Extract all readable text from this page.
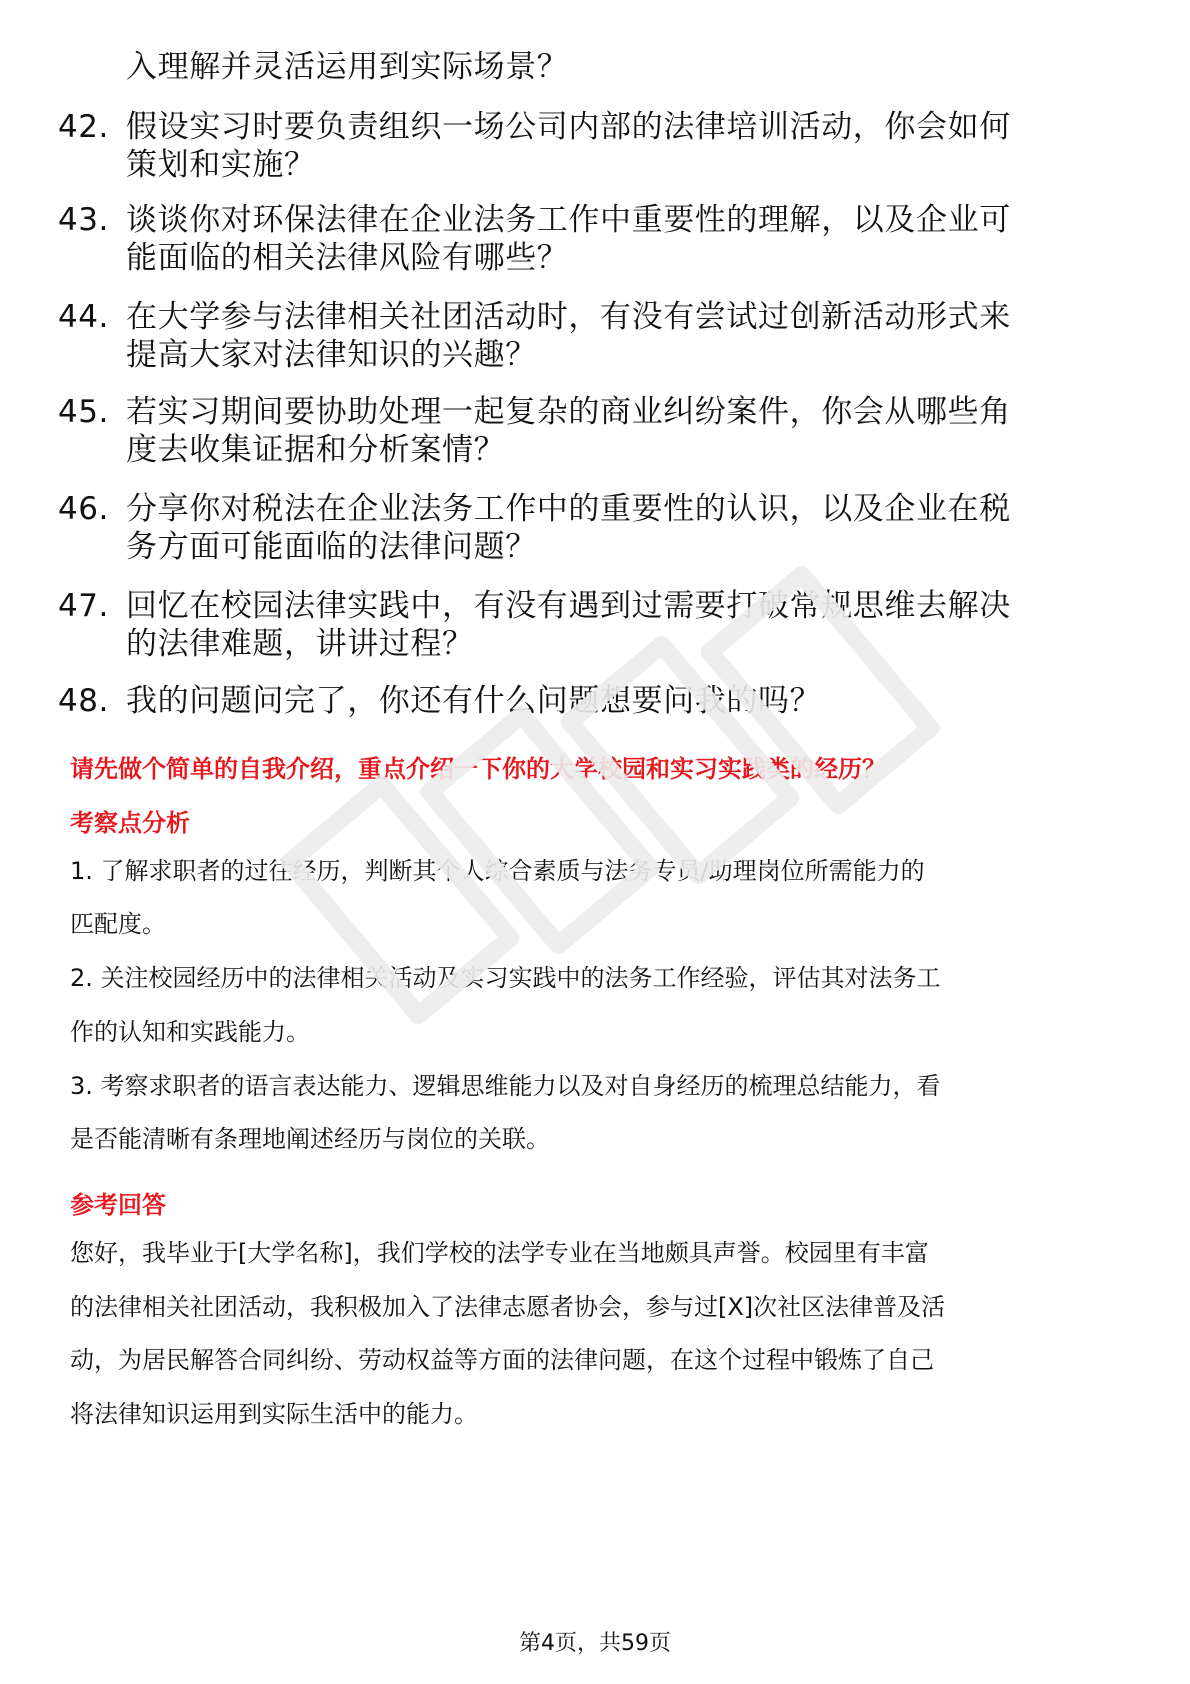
入理解并灵活运用到实际场景？
42. 假设实习时要负责组织一场公司内部的法律培训活动，你会如何
策划和实施？
43. 谈谈你对环保法律在企业法务工作中重要性的理解，以及企业可
能面临的相关法律风险有哪些？
44. 在大学参与法律相关社团活动时，有没有尝试过创新活动形式来
提高大家对法律知识的兴趣？
45. 若实习期间要协助处理一起复杂的商业纠纷案件，你会从哪些角
度去收集证据和分析案情？
46. 分享你对税法在企业法务工作中的重要性的认识，以及企业在税
务方面可能面临的法律问题？
47. 回忆在校园法律实践中，有没有遇到过需要打破常规思维去解决
的法律难题，讲讲过程？
48. 我的问题问完了，你还有什么问题想要问我的吗？
请先做个简单的自我介绍，重点介绍一下你的大学校园和实习实践类的经历？
考察点分析
1. 了解求职者的过往经历，判断其个人综合素质与法务专员/助理岗位所需能力的
匹配度。
2. 关注校园经历中的法律相关活动及实习实践中的法务工作经验，评估其对法务工
作的认知和实践能力。
3. 考察求职者的语言表达能力、逻辑思维能力以及对自身经历的梳理总结能力，看
是否能清晰有条理地阐述经历与岗位的关联。
参考回答
您好，我毕业于[大学名称]，我们学校的法学专业在当地颇具声誉。校园里有丰富
的法律相关社团活动，我积极加入了法律志愿者协会，参与过[X]次社区法律普及活
动，为居民解答合同纠纷、劳动权益等方面的法律问题，在这个过程中锻炼了自己
将法律知识运用到实际生活中的能力。
第4页，共59页
